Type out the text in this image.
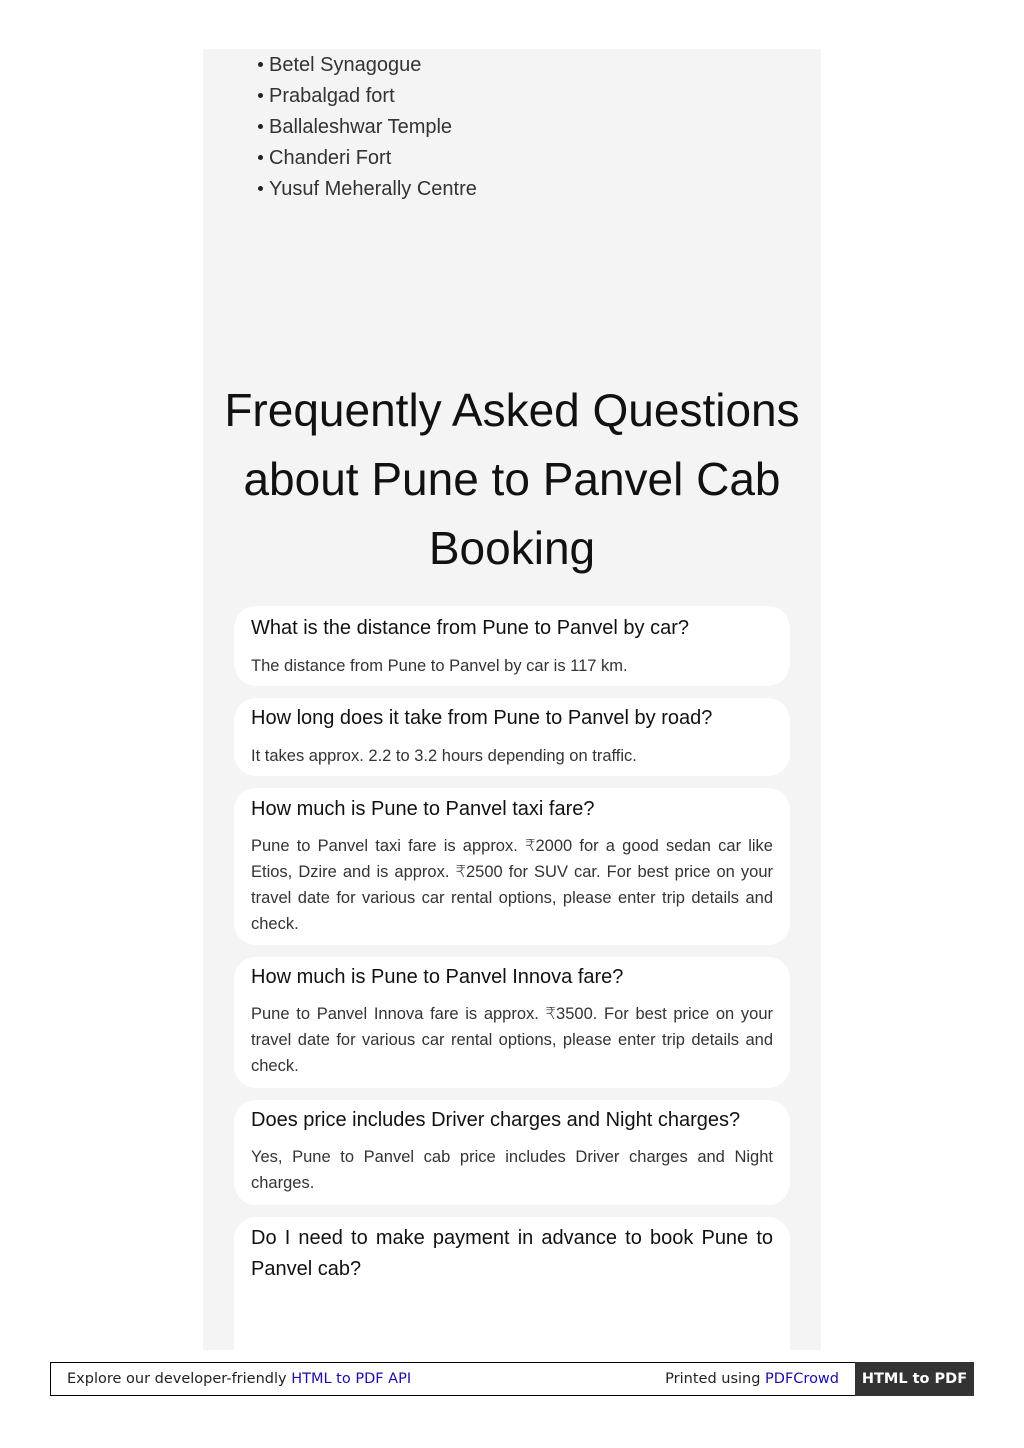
Betel Synagogue
Prabalgad fort
Ballaleshwar Temple
Chanderi Fort
Yusuf Meherally Centre
Frequently Asked Questions about Pune to Panvel Cab Booking

What is the distance from Pune to Panvel by car?

The distance from Pune to Panvel by car is 117 km.

How long does it take from Pune to Panvel by road?

It takes approx. 2.2 to 3.2 hours depending on traffic.

How much is Pune to Panvel taxi fare?

Pune to Panvel taxi fare is approx. ₹2000 for a good sedan car like Etios, Dzire and is approx. ₹2500 for SUV car. For best price on your travel date for various car rental options, please enter trip details and check.

How much is Pune to Panvel Innova fare?

Pune to Panvel Innova fare is approx. ₹3500. For best price on your travel date for various car rental options, please enter trip details and check.

Does price includes Driver charges and Night charges?

Yes, Pune to Panvel cab price includes Driver charges and Night charges.

Do I need to make payment in advance to book Pune to Panvel cab?

Explore our developer-friendly HTML to PDF API	Printed using PDFCrowd	HTML to PDF
